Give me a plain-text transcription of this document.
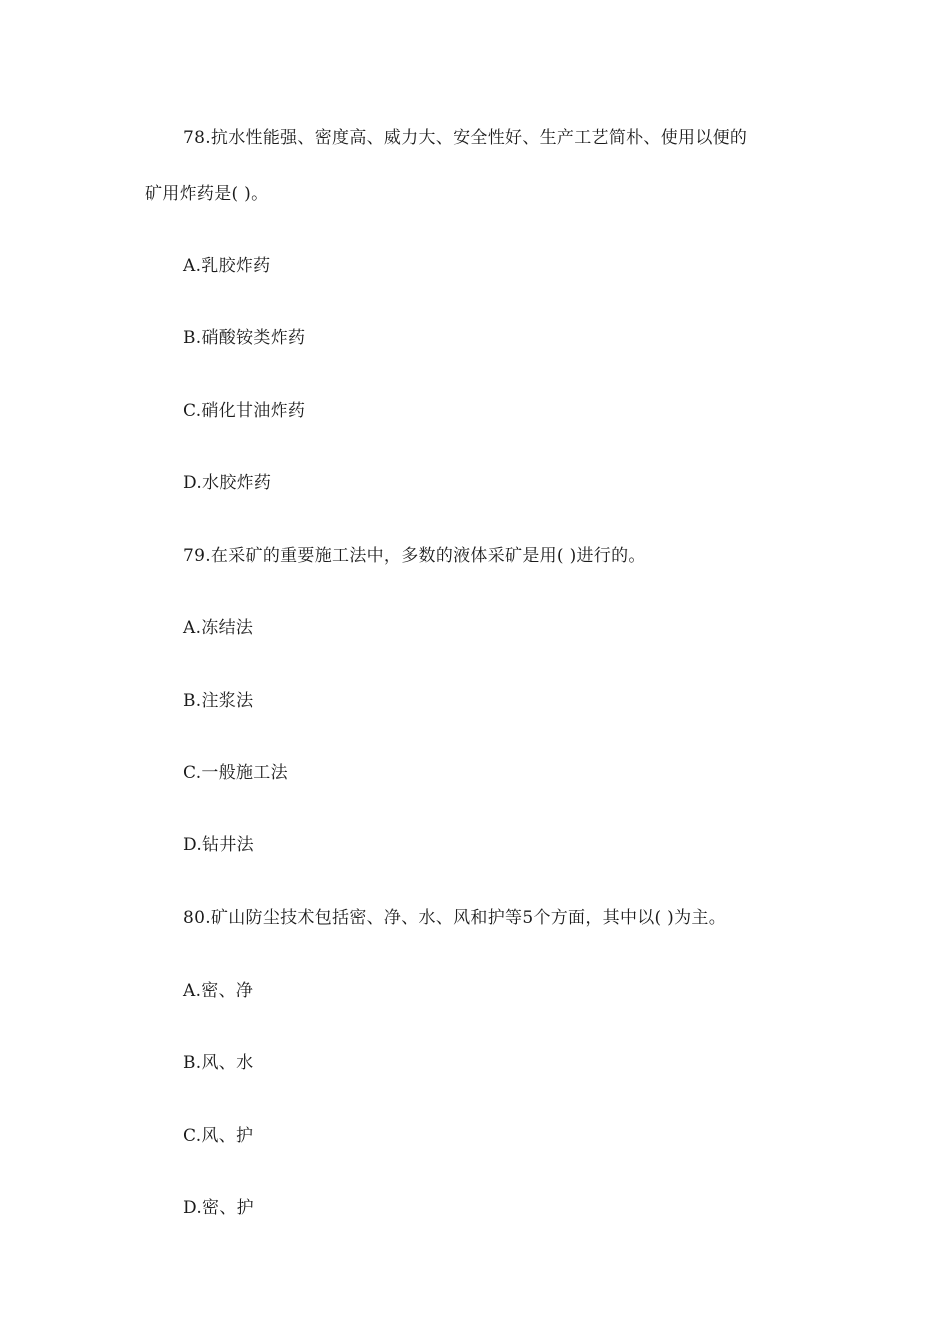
78.抗水性能强、密度高、威力大、安全性好、生产工艺简朴、使用以便的
矿用炸药是( )。
A.乳胶炸药
B.硝酸铵类炸药
C.硝化甘油炸药
D.水胶炸药
79.在采矿的重要施工法中，多数的液体采矿是用( )进行的。
A.冻结法
B.注浆法
C.一般施工法
D.钻井法
80.矿山防尘技术包括密、净、水、风和护等5个方面，其中以( )为主。
A.密、净
B.风、水
C.风、护
D.密、护
